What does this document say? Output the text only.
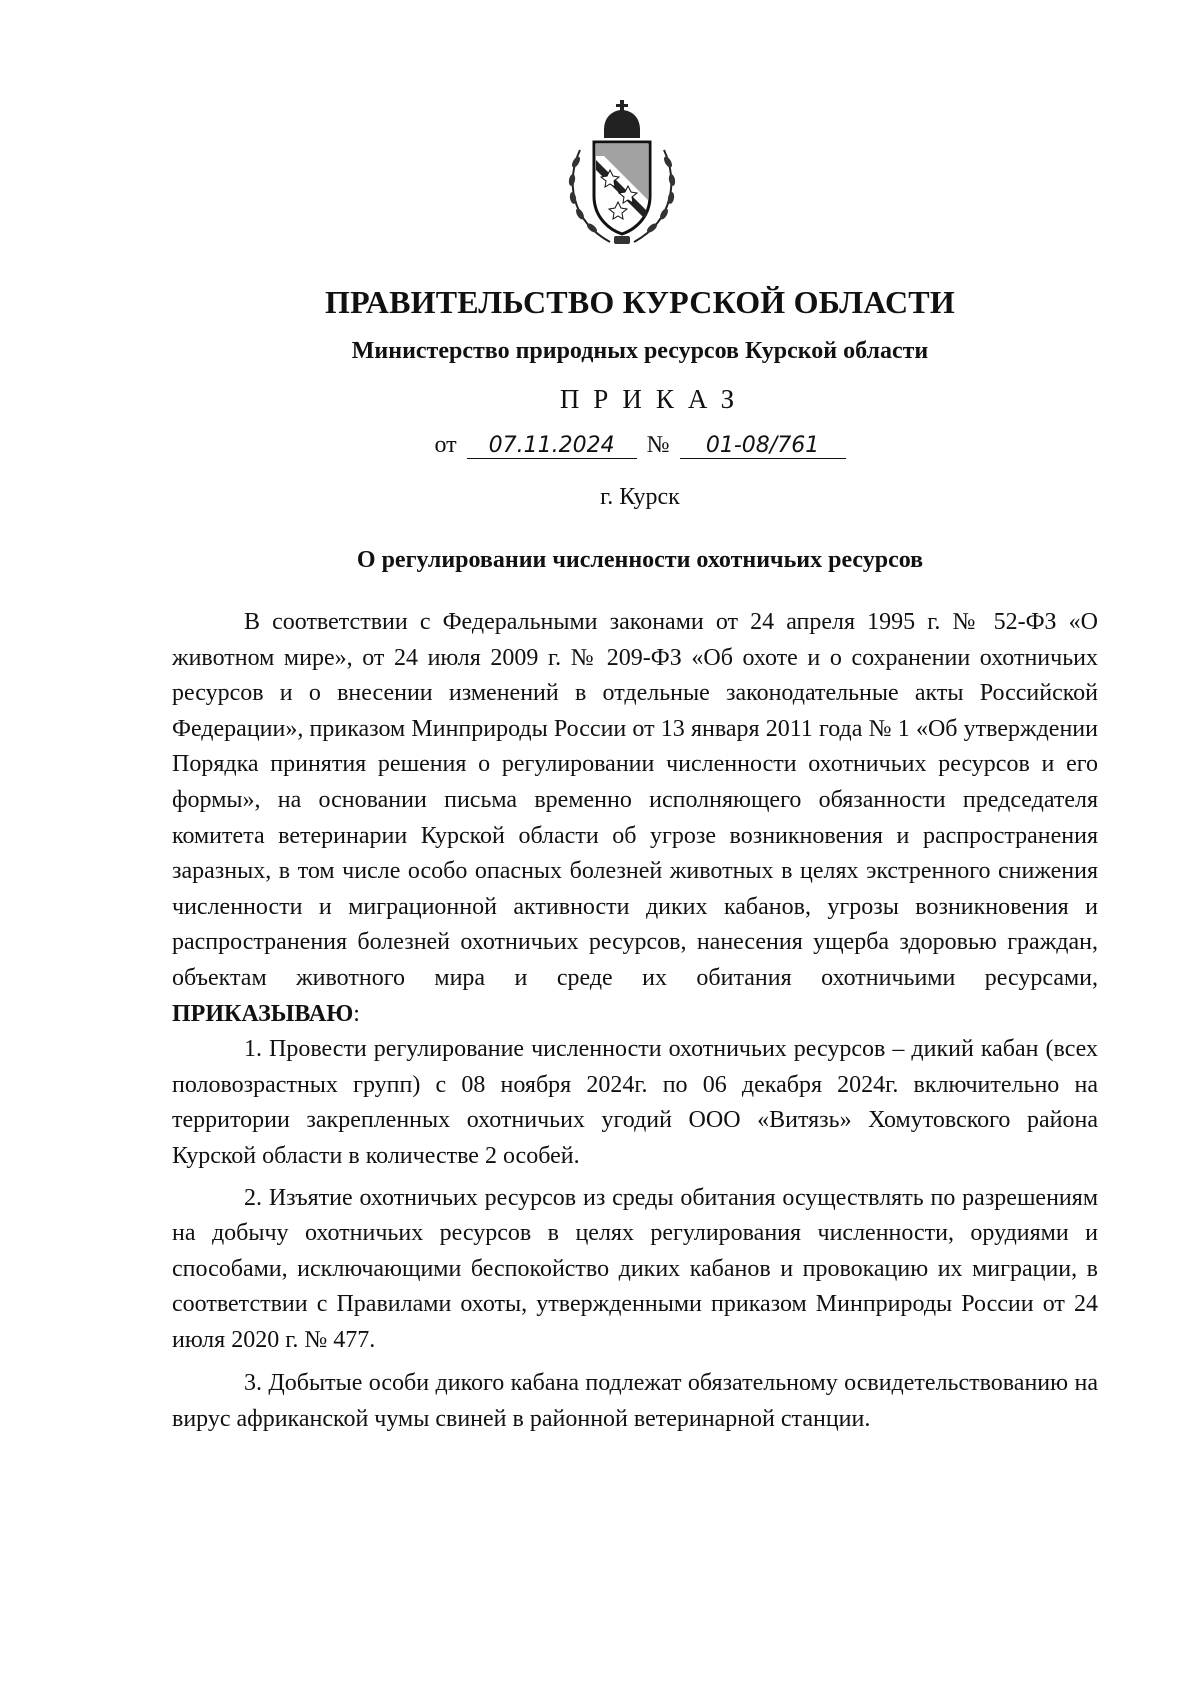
ПРАВИТЕЛЬСТВО КУРСКОЙ ОБЛАСТИ
Министерство природных ресурсов Курской области
ПРИКАЗ
от 07.11.2024 № 01-08/761
г. Курск
О регулировании численности охотничьих ресурсов

В соответствии с Федеральными законами от 24 апреля 1995 г. № 52-ФЗ «О животном мире», от 24 июля 2009 г. № 209-ФЗ «Об охоте и о сохранении охотничьих ресурсов и о внесении изменений в отдельные законодательные акты Российской Федерации», приказом Минприроды России от 13 января 2011 года № 1 «Об утверждении Порядка принятия решения о регулировании численности охотничьих ресурсов и его формы», на основании письма временно исполняющего обязанности председателя комитета ветеринарии Курской области об угрозе возникновения и распространения заразных, в том числе особо опасных болезней животных в целях экстренного снижения численности и миграционной активности диких кабанов, угрозы возникновения и распространения болезней охотничьих ресурсов, нанесения ущерба здоровью граждан, объектам животного мира и среде их обитания охотничьими ресурсами, ПРИКАЗЫВАЮ:

1. Провести регулирование численности охотничьих ресурсов – дикий кабан (всех половозрастных групп) с 08 ноября 2024г. по 06 декабря 2024г. включительно на территории закрепленных охотничьих угодий ООО «Витязь» Хомутовского района Курской области в количестве 2 особей.

2. Изъятие охотничьих ресурсов из среды обитания осуществлять по разрешениям на добычу охотничьих ресурсов в целях регулирования численности, орудиями и способами, исключающими беспокойство диких кабанов и провокацию их миграции, в соответствии с Правилами охоты, утвержденными приказом Минприроды России от 24 июля 2020 г. № 477.

3. Добытые особи дикого кабана подлежат обязательному освидетельствованию на вирус африканской чумы свиней в районной ветеринарной станции.
